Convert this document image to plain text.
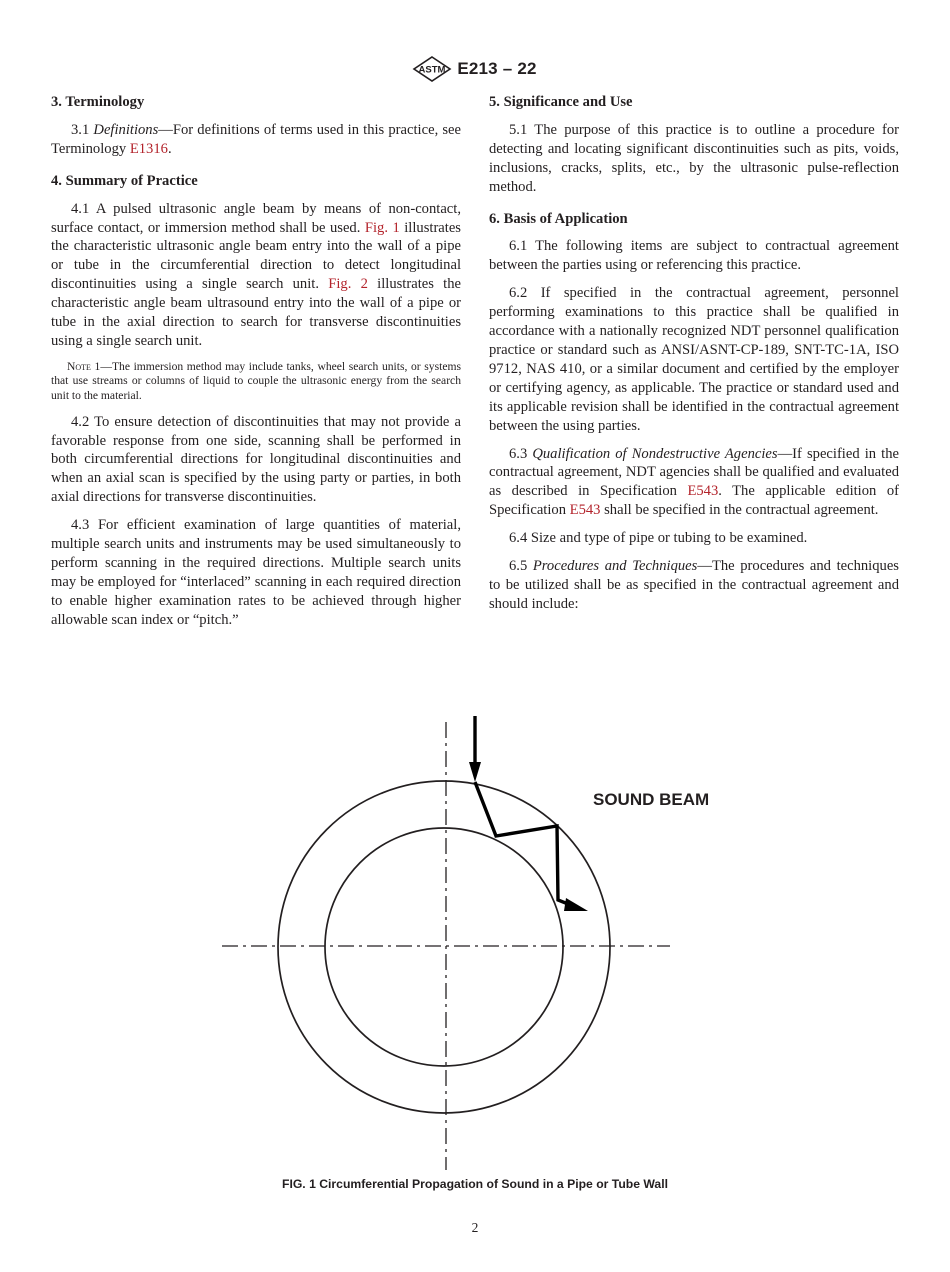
ASTM E213 – 22
3. Terminology

3.1 Definitions—For definitions of terms used in this practice, see Terminology E1316.

4. Summary of Practice

4.1 A pulsed ultrasonic angle beam by means of non-contact, surface contact, or immersion method shall be used. Fig. 1 illustrates the characteristic ultrasonic angle beam entry into the wall of a pipe or tube in the circumferential direction to detect longitudinal discontinuities using a single search unit. Fig. 2 illustrates the characteristic angle beam ultrasound entry into the wall of a pipe or tube in the axial direction to search for transverse discontinuities using a single search unit.

Note 1—The immersion method may include tanks, wheel search units, or systems that use streams or columns of liquid to couple the ultrasonic energy from the search unit to the material.

4.2 To ensure detection of discontinuities that may not provide a favorable response from one side, scanning shall be performed in both circumferential directions for longitudinal discontinuities and when an axial scan is specified by the using party or parties, in both axial directions for transverse discontinuities.

4.3 For efficient examination of large quantities of material, multiple search units and instruments may be used simultaneously to perform scanning in the required directions. Multiple search units may be employed for “interlaced” scanning in each required direction to enable higher examination rates to be achieved through higher allowable scan index or “pitch.”

5. Significance and Use

5.1 The purpose of this practice is to outline a procedure for detecting and locating significant discontinuities such as pits, voids, inclusions, cracks, splits, etc., by the ultrasonic pulse-reflection method.

6. Basis of Application

6.1 The following items are subject to contractual agreement between the parties using or referencing this practice.

6.2 If specified in the contractual agreement, personnel performing examinations to this practice shall be qualified in accordance with a nationally recognized NDT personnel qualification practice or standard such as ANSI/ASNT-CP-189, SNT-TC-1A, ISO 9712, NAS 410, or a similar document and certified by the employer or certifying agency, as applicable. The practice or standard used and its applicable revision shall be identified in the contractual agreement between the using parties.

6.3 Qualification of Nondestructive Agencies—If specified in the contractual agreement, NDT agencies shall be qualified and evaluated as described in Specification E543. The applicable edition of Specification E543 shall be specified in the contractual agreement.

6.4 Size and type of pipe or tubing to be examined.

6.5 Procedures and Techniques—The procedures and techniques to be utilized shall be as specified in the contractual agreement and should include:

SOUND BEAM
FIG. 1 Circumferential Propagation of Sound in a Pipe or Tube Wall
2
